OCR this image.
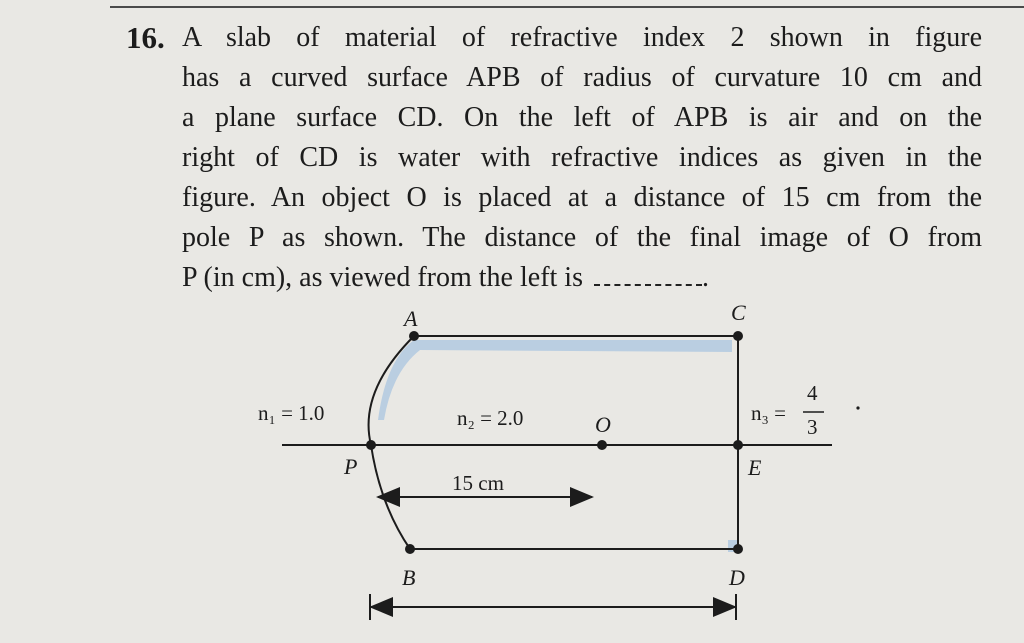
16. A slab of material of refractive index 2 shown in figure
has a curved surface APB of radius of curvature 10 cm and
a plane surface CD. On the left of APB is air and on the
right of CD is water with refractive indices as given in the
figure. An object O is placed at a distance of 15 cm from the
pole P as shown. The distance of the final image of O from
P (in cm), as viewed from the left is	.
A	C
P
O
E
B	D
n₁ = 1.0	n₂ = 2.0
15 cm
n₃ =
4
3
